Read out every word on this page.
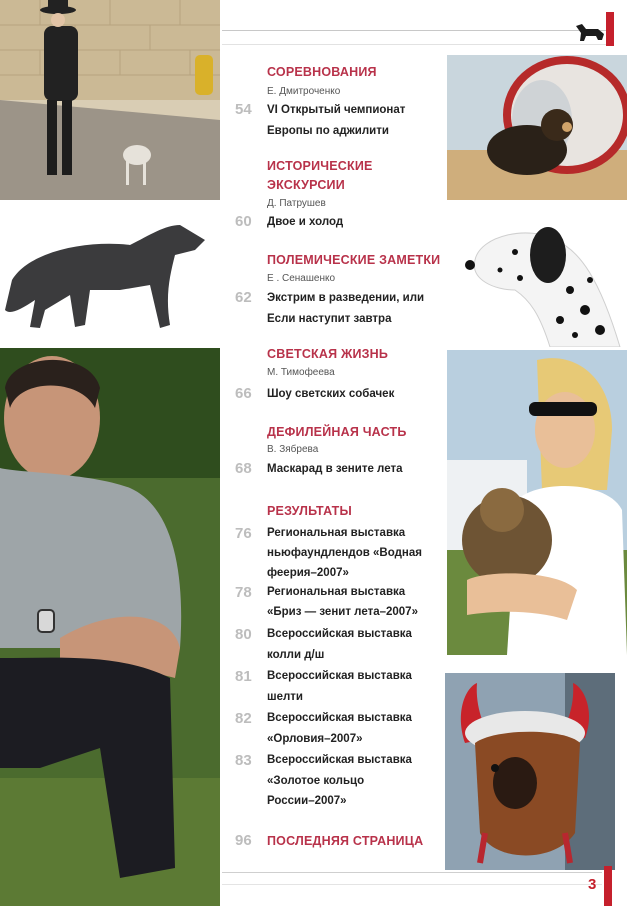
3
СОРЕВНОВАНИЯ
Е. Дмитроченко
54 VI Открытый чемпионат
Европы по аджилити
ИСТОРИЧЕСКИЕ
ЭКСКУРСИИ
Д. Патрушев
60 Двое и холод
ПОЛЕМИЧЕСКИЕ ЗАМЕТКИ
Е . Сенашенко
62 Экстрим в разведении, или
Если наступит завтра
СВЕТСКАЯ ЖИЗНЬ
М. Тимофеева
66 Шоу светских собачек
ДЕФИЛЕЙНАЯ ЧАСТЬ
В. Зябрева
68 Маскарад в зените лета
РЕЗУЛЬТАТЫ
76 Региональная выставка
ньюфаундлендов «Водная
феерия–2007»
78 Региональная выставка
«Бриз — зенит лета–2007»
80 Всероссийская выставка
колли д/ш
81 Всероссийская выставка
шелти
82 Всероссийская выставка
«Орловия–2007»
83 Всероссийская выставка
«Золотое кольцо
России–2007»
96 ПОСЛЕДНЯЯ СТРАНИЦА
